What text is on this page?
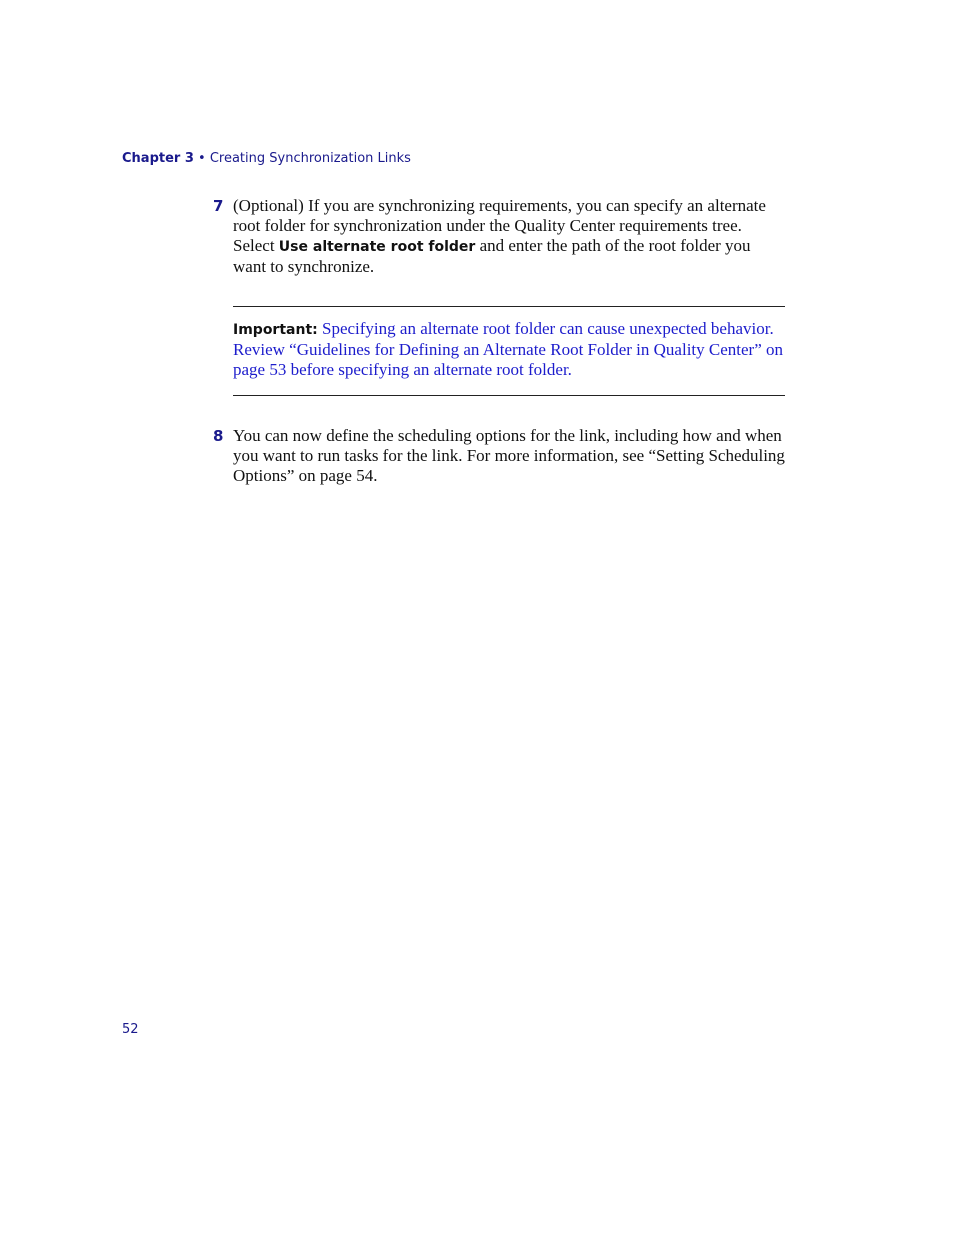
Chapter 3 • Creating Synchronization Links
7 (Optional) If you are synchronizing requirements, you can specify an alternate root folder for synchronization under the Quality Center requirements tree. Select Use alternate root folder and enter the path of the root folder you want to synchronize.
Important: Specifying an alternate root folder can cause unexpected behavior. Review “Guidelines for Defining an Alternate Root Folder in Quality Center” on page 53 before specifying an alternate root folder.
8 You can now define the scheduling options for the link, including how and when you want to run tasks for the link. For more information, see “Setting Scheduling Options” on page 54.
52
